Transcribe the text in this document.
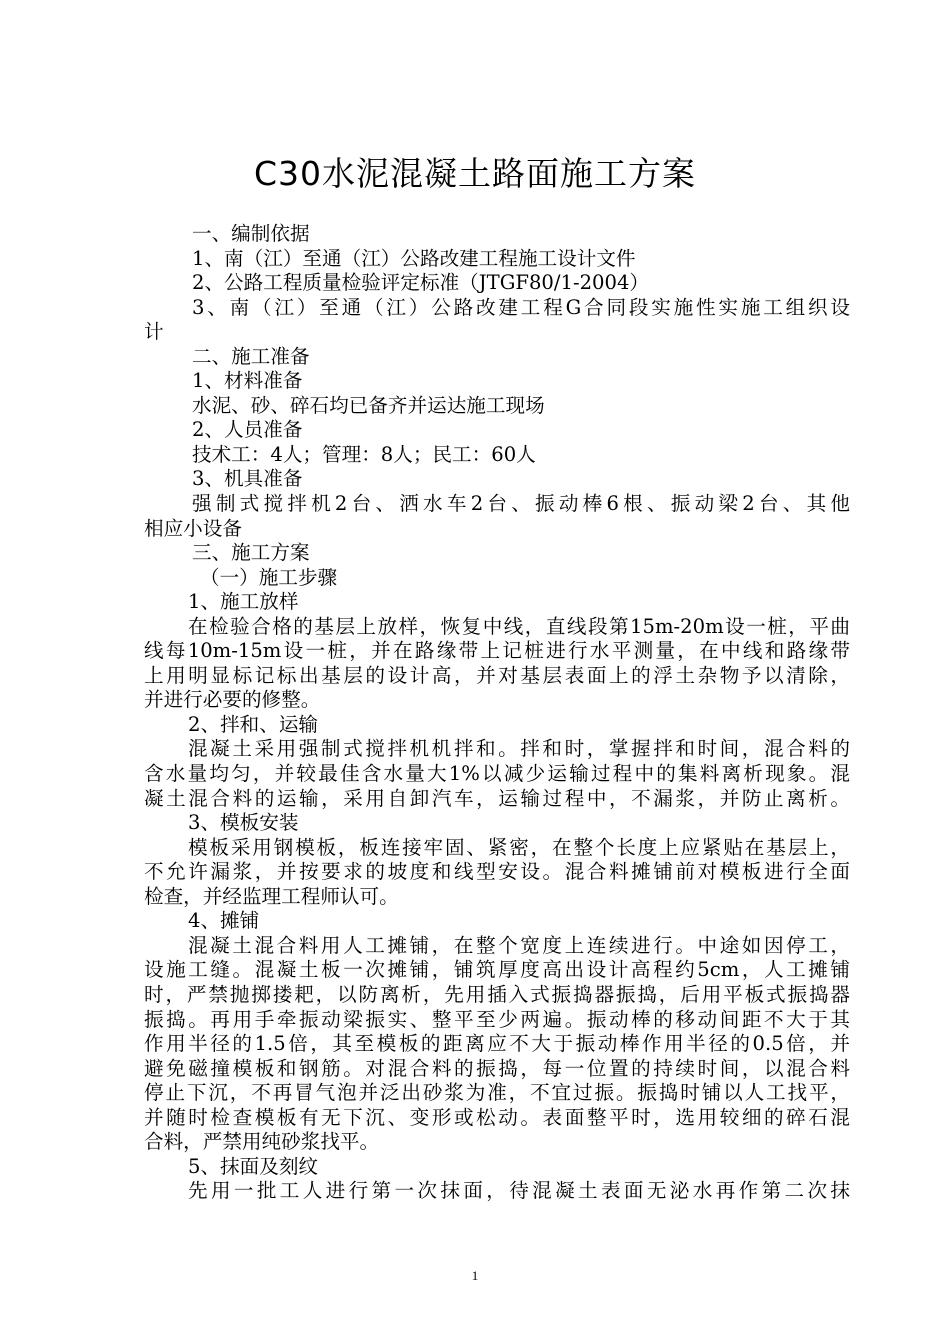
C30水泥混凝土路面施工方案
一、编制依据
1、南（江）至通（江）公路改建工程施工设计文件
2、公路工程质量检验评定标准（JTGF80/1-2004）
3、南（江）至通（江）公路改建工程G合同段实施性实施工组织设
计
二、施工准备
1、材料准备
水泥、砂、碎石均已备齐并运达施工现场
2、人员准备
技术工：4人；管理：8人；民工：60人
3、机具准备
强制式搅拌机2台、洒水车2台、振动棒6根、振动梁2台、其他
相应小设备
三、施工方案
（一）施工步骤
1、施工放样
在检验合格的基层上放样，恢复中线，直线段第15m-20m设一桩，平曲
线每10m-15m设一桩，并在路缘带上记桩进行水平测量，在中线和路缘带
上用明显标记标出基层的设计高，并对基层表面上的浮土杂物予以清除，
并进行必要的修整。
2、拌和、运输
混凝土采用强制式搅拌机机拌和。拌和时，掌握拌和时间，混合料的
含水量均匀，并较最佳含水量大1%以减少运输过程中的集料离析现象。混
凝土混合料的运输，采用自卸汽车，运输过程中，不漏浆，并防止离析。
3、模板安装
模板采用钢模板，板连接牢固、紧密，在整个长度上应紧贴在基层上，
不允许漏浆，并按要求的坡度和线型安设。混合料摊铺前对模板进行全面
检查，并经监理工程师认可。
4、摊铺
混凝土混合料用人工摊铺，在整个宽度上连续进行。中途如因停工，
设施工缝。混凝土板一次摊铺，铺筑厚度高出设计高程约5cm，人工摊铺
时，严禁抛掷搂耙，以防离析，先用插入式振捣器振捣，后用平板式振捣器
振捣。再用手牵振动梁振实、整平至少两遍。振动棒的移动间距不大于其
作用半径的1.5倍，其至模板的距离应不大于振动棒作用半径的0.5倍，并
避免磁撞模板和钢筋。对混合料的振捣，每一位置的持续时间，以混合料
停止下沉，不再冒气泡并泛出砂浆为准，不宜过振。振捣时铺以人工找平，
并随时检查模板有无下沉、变形或松动。表面整平时，选用较细的碎石混
合料，严禁用纯砂浆找平。
5、抹面及刻纹
先用一批工人进行第一次抹面，待混凝土表面无泌水再作第二次抹
1
